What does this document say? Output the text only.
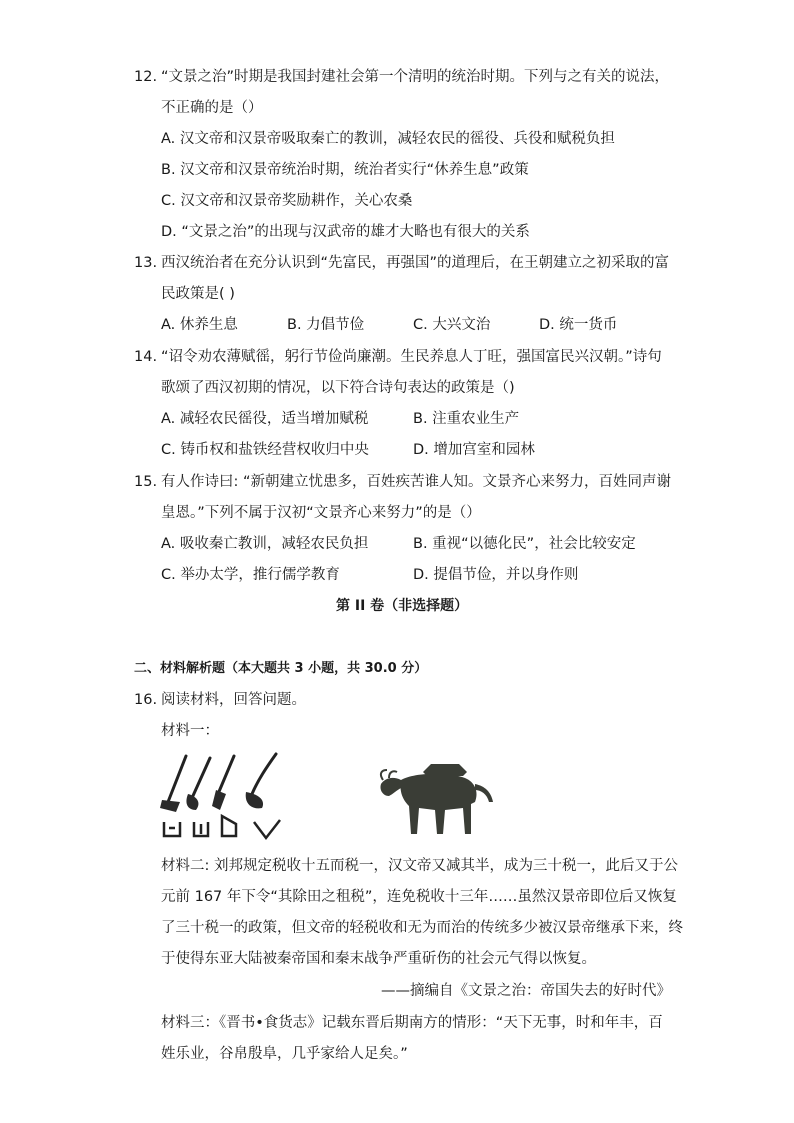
12. “文景之治”时期是我国封建社会第一个清明的统治时期。下列与之有关的说法，
不正确的是（）
A. 汉文帝和汉景帝吸取秦亡的教训，减轻农民的徭役、兵役和赋税负担
B. 汉文帝和汉景帝统治时期，统治者实行“休养生息”政策
C. 汉文帝和汉景帝奖励耕作，关心农桑
D. “文景之治”的出现与汉武帝的雄才大略也有很大的关系
13. 西汉统治者在充分认识到“先富民，再强国”的道理后，在王朝建立之初采取的富
民政策是( )
A. 休养生息	B. 力倡节俭	C. 大兴文治	D. 统一货币
14. “诏令劝农薄赋徭，躬行节俭尚廉潮。生民养息人丁旺，强国富民兴汉朝。”诗句
歌颂了西汉初期的情况，以下符合诗句表达的政策是（)
A. 减轻农民徭役，适当增加赋税	B. 注重农业生产
C. 铸币权和盐铁经营权收归中央	D. 增加宫室和园林
15. 有人作诗曰: “新朝建立忧患多，百姓疾苦谁人知。文景齐心来努力，百姓同声谢
皇恩。”下列不属于汉初“文景齐心来努力”的是（）
A. 吸收秦亡教训，减轻农民负担	B. 重视“以德化民”，社会比较安定
C. 举办太学，推行儒学教育	D. 提倡节俭，并以身作则
第 II 卷（非选择题）
二、材料解析题（本大题共 3 小题，共 30.0 分）
16. 阅读材料，回答问题。
材料一：
材料二: 刘邦规定税收十五而税一，汉文帝又减其半，成为三十税一，此后又于公
元前 167 年下令“其除田之租税”，连免税收十三年……虽然汉景帝即位后又恢复
了三十税一的政策，但文帝的轻税收和无为而治的传统多少被汉景帝继承下来，终
于使得东亚大陆被秦帝国和秦末战争严重斫伤的社会元气得以恢复。
——摘编自《文景之治：帝国失去的好时代》
材料三：《晋书•食货志》记载东晋后期南方的情形：“天下无事，时和年丰，百
姓乐业，谷帛殷阜，几乎家给人足矣。”
